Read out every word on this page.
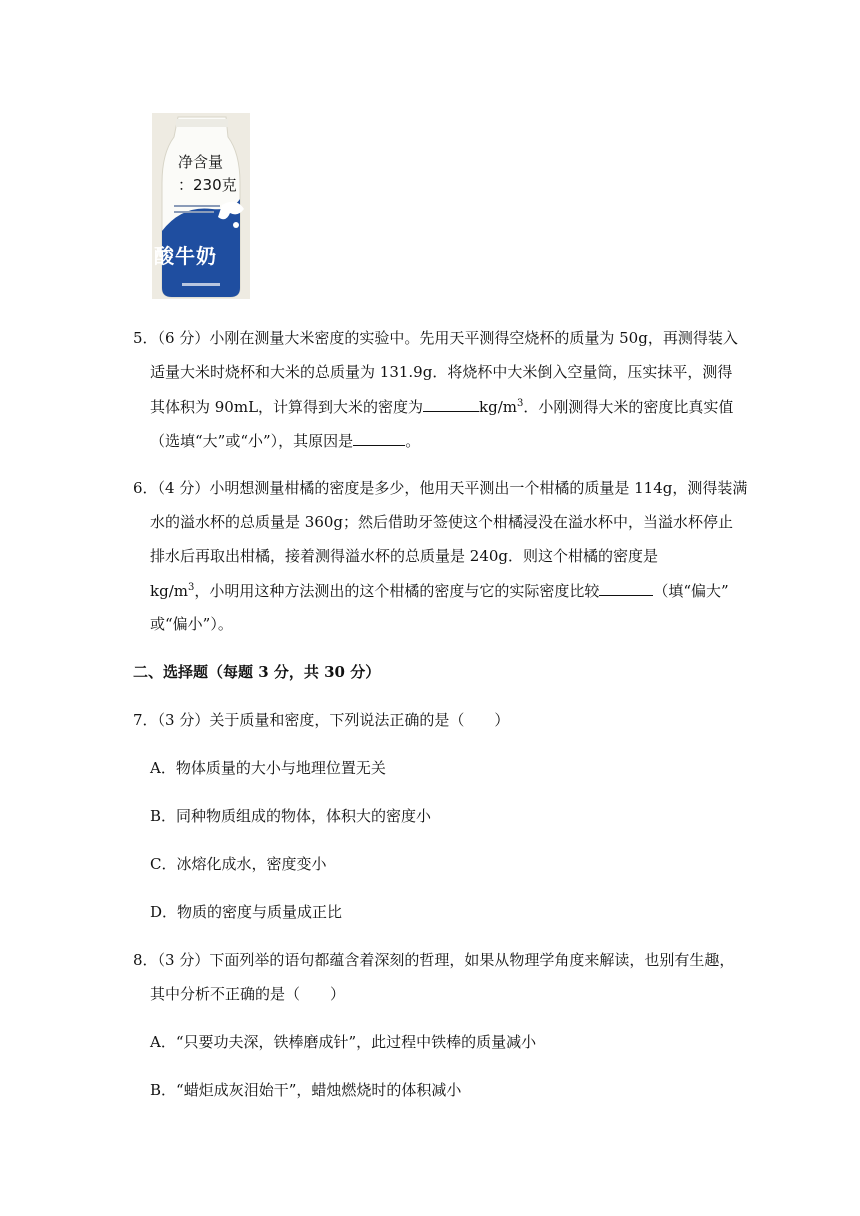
净含量
：230克
酸牛奶
5．（6 分）小刚在测量大米密度的实验中。先用天平测得空烧杯的质量为 50g，再测得装入
适量大米时烧杯和大米的总质量为 131.9g．将烧杯中大米倒入空量筒，压实抹平，测得
其体积为 90mL，计算得到大米的密度为	$kg/m^3$．小刚测得大米的密度比真实值
（选填“大”或“小”），其原因是	。
6．（4 分）小明想测量柑橘的密度是多少，他用天平测出一个柑橘的质量是 114g，测得装满
水的溢水杯的总质量是 360g；然后借助牙签使这个柑橘浸没在溢水杯中，当溢水杯停止
排水后再取出柑橘，接着测得溢水杯的总质量是 240g．则这个柑橘的密度是
$kg/m^3$，小明用这种方法测出的这个柑橘的密度与它的实际密度比较	（填“偏大”
或“偏小”）。
二、选择题（每题 3 分，共 30 分）
7．（3 分）关于质量和密度，下列说法正确的是（　　）
A．物体质量的大小与地理位置无关
B．同种物质组成的物体，体积大的密度小
C．冰熔化成水，密度变小
D．物质的密度与质量成正比
8．（3 分）下面列举的语句都蕴含着深刻的哲理，如果从物理学角度来解读，也别有生趣，
其中分析不正确的是（　　）
A．“只要功夫深，铁棒磨成针”，此过程中铁棒的质量减小
B．“蜡炬成灰泪始干”，蜡烛燃烧时的体积减小
